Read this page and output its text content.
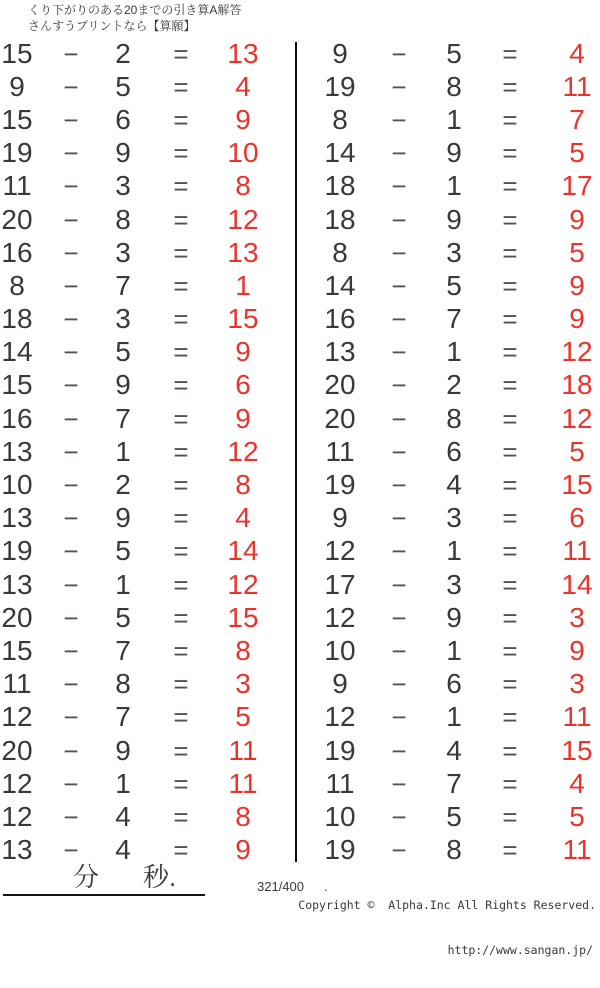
くり下がりのある20までの引き算A解答
さんすうプリントなら【算願】
15	−	2	=	13
9	−	5	=	4
15	−	6	=	9
19	−	9	=	10
11	−	3	=	8
20	−	8	=	12
16	−	3	=	13
8	−	7	=	1
18	−	3	=	15
14	−	5	=	9
15	−	9	=	6
16	−	7	=	9
13	−	1	=	12
10	−	2	=	8
13	−	9	=	4
19	−	5	=	14
13	−	1	=	12
20	−	5	=	15
15	−	7	=	8
11	−	8	=	3
12	−	7	=	5
20	−	9	=	11
12	−	1	=	11
12	−	4	=	8
13	−	4	=	9
9	−	5	=	4
19	−	8	=	11
8	−	1	=	7
14	−	9	=	5
18	−	1	=	17
18	−	9	=	9
8	−	3	=	5
14	−	5	=	9
16	−	7	=	9
13	−	1	=	12
20	−	2	=	18
20	−	8	=	12
11	−	6	=	5
19	−	4	=	15
9	−	3	=	6
12	−	1	=	11
17	−	3	=	14
12	−	9	=	3
10	−	1	=	9
9	−	6	=	3
12	−	1	=	11
19	−	4	=	15
11	−	7	=	4
10	−	5	=	5
19	−	8	=	11
分 秒.	321/400 .

Copyright ©  Alpha.Inc All Rights Reserved.

http://www.sangan.jp/
